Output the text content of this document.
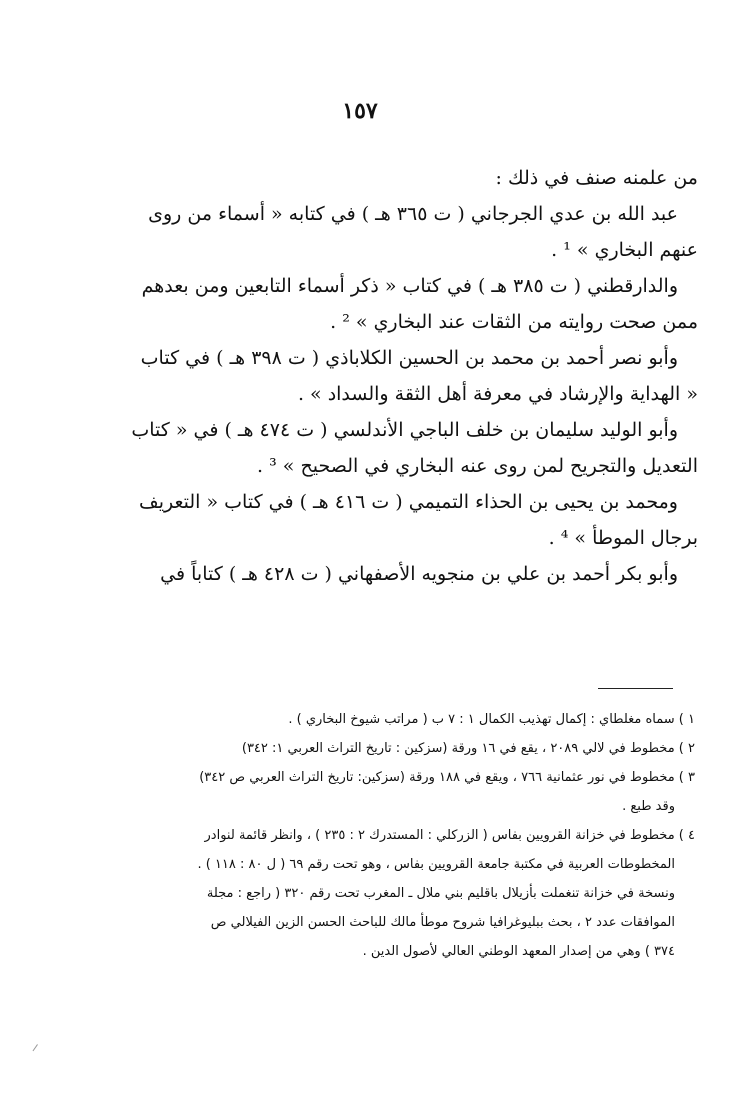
١٥٧

من علمنه صنف في ذلك :

عبد الله بن عدي الجرجاني ( ت ٣٦٥ هـ ) في كتابه « أسماء من روى

عنهم البخاري » ¹ .

والدارقطني ( ت ٣٨٥ هـ ) في كتاب « ذكر أسماء التابعين ومن بعدهم

ممن صحت روايته من الثقات عند البخاري » ² .

وأبو نصر أحمد بن محمد بن الحسين الكلاباذي ( ت ٣٩٨ هـ ) في كتاب

« الهداية والإرشاد في معرفة أهل الثقة والسداد » .

وأبو الوليد سليمان بن خلف الباجي الأندلسي ( ت ٤٧٤ هـ ) في « كتاب

التعديل والتجريح لمن روى عنه البخاري في الصحيح » ³ .

ومحمد بن يحيى بن الحذاء التميمي ( ت ٤١٦ هـ ) في كتاب « التعريف

برجال الموطأ » ⁴ .

وأبو بكر أحمد بن علي بن منجويه الأصفهاني ( ت ٤٢٨ هـ ) كتاباً في

١ ) سماه مغلطاي : إكمال تهذيب الكمال ١ : ٧ ب ( مراتب شيوخ البخاري ) .

٢ ) مخطوط في لالي ٢٠٨٩ ، يقع في ١٦ ورقة (سزكين : تاريخ التراث العربي ١: ٣٤٢)

٣ ) مخطوط في نور عثمانية ٧٦٦ ، ويقع في ١٨٨ ورقة (سزكين: تاريخ التراث العربي ص ٣٤٢)

وقد طبع .

٤ ) مخطوط في خزانة القرويين بفاس ( الزركلي : المستدرك ٢ : ٢٣٥ ) ، وانظر قائمة لنوادر

المخطوطات العربية في مكتبة جامعة القرويين بفاس ، وهو تحت رقم ٦٩ ( ل ٨٠ : ١١٨ ) .

ونسخة في خزانة تنغملت بأزيلال باقليم بني ملال ـ المغرب تحت رقم ٣٢٠ ( راجع : مجلة

الموافقات عدد ٢ ، بحث ببليوغرافيا شروح موطأ مالك للباحث الحسن الزين الفيلالي ص

٣٧٤ ) وهي من إصدار المعهد الوطني العالي لأصول الدين .
